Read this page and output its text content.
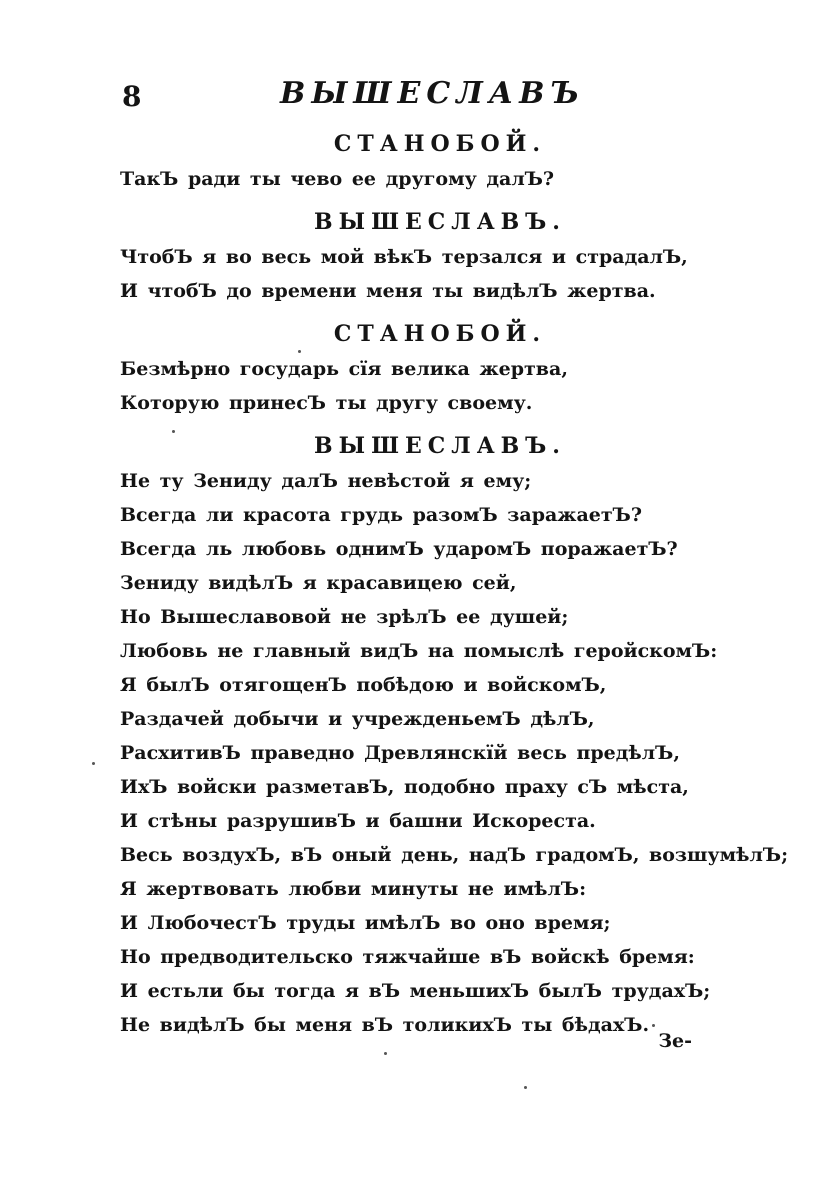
8	ВЫШЕСЛАВЪ
СТАНОБОЙ.
ТакЪ ради ты чево ее другому далЪ?
ВЫШЕСЛАВЪ.
ЧтобЪ я во весь мой вѣкЪ терзался и страдалЪ,
И чтобЪ до времени меня ты видѣлЪ жертва.
СТАНОБОЙ.
Безмѣрно государь сїя велика жертва,
Которую принесЪ ты другу своему.
ВЫШЕСЛАВЪ.
Не ту Зениду далЪ невѣстой я ему;
Всегда ли красота грудь разомЪ заражаетЪ?
Всегда ль любовь однимЪ ударомЪ поражаетЪ?
Зениду видѣлЪ я красавицею сей,
Но Вышеславовой не зрѣлЪ ее душей;
Любовь не главный видЪ на помыслѣ геройскомЪ:
Я былЪ отягощенЪ побѣдою и войскомЪ,
Раздачей добычи и учрежденьемЪ дѣлЪ,
РасхитивЪ праведно Древлянскїй весь предѣлЪ,
ИхЪ войски разметавЪ, подобно праху сЪ мѣста,
И стѣны разрушивЪ и башни Искореста.
Весь воздухЪ, вЪ оный день, надЪ градомЪ, возшумѣлЪ;
Я жертвовать любви минуты не имѣлЪ:
И ЛюбочестЪ труды имѣлЪ во оно время;
Но предводительско тяжчайше вЪ войскѣ бремя:
И естьли бы тогда я вЪ меньшихЪ былЪ трудахЪ;
Не видѣлЪ бы меня вЪ толикихЪ ты бѣдахЪ.
Зе-
